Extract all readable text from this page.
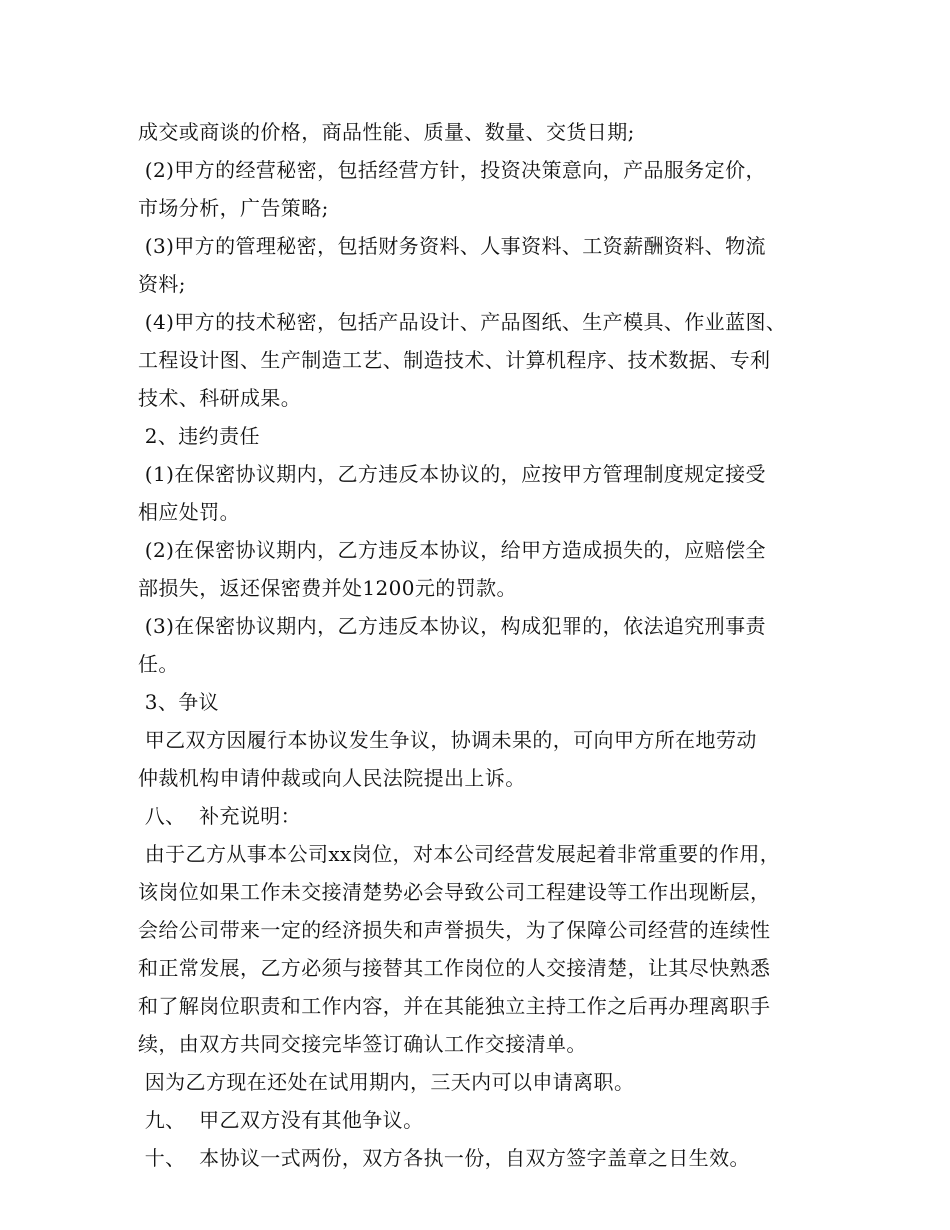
成交或商谈的价格，商品性能、质量、数量、交货日期;
(2)甲方的经营秘密，包括经营方针，投资决策意向，产品服务定价，
市场分析，广告策略;
(3)甲方的管理秘密，包括财务资料、人事资料、工资薪酬资料、物流
资料;
(4)甲方的技术秘密，包括产品设计、产品图纸、生产模具、作业蓝图、
工程设计图、生产制造工艺、制造技术、计算机程序、技术数据、专利
技术、科研成果。
2、违约责任
(1)在保密协议期内，乙方违反本协议的，应按甲方管理制度规定接受
相应处罚。
(2)在保密协议期内，乙方违反本协议，给甲方造成损失的，应赔偿全
部损失，返还保密费并处1200元的罚款。
(3)在保密协议期内，乙方违反本协议，构成犯罪的，依法追究刑事责
任。
3、争议
甲乙双方因履行本协议发生争议，协调未果的，可向甲方所在地劳动
仲裁机构申请仲裁或向人民法院提出上诉。
八、  补充说明：
由于乙方从事本公司xx岗位，对本公司经营发展起着非常重要的作用，
该岗位如果工作未交接清楚势必会导致公司工程建设等工作出现断层，
会给公司带来一定的经济损失和声誉损失，为了保障公司经营的连续性
和正常发展，乙方必须与接替其工作岗位的人交接清楚，让其尽快熟悉
和了解岗位职责和工作内容，并在其能独立主持工作之后再办理离职手
续，由双方共同交接完毕签订确认工作交接清单。
因为乙方现在还处在试用期内，三天内可以申请离职。
九、  甲乙双方没有其他争议。
十、  本协议一式两份，双方各执一份，自双方签字盖章之日生效。
